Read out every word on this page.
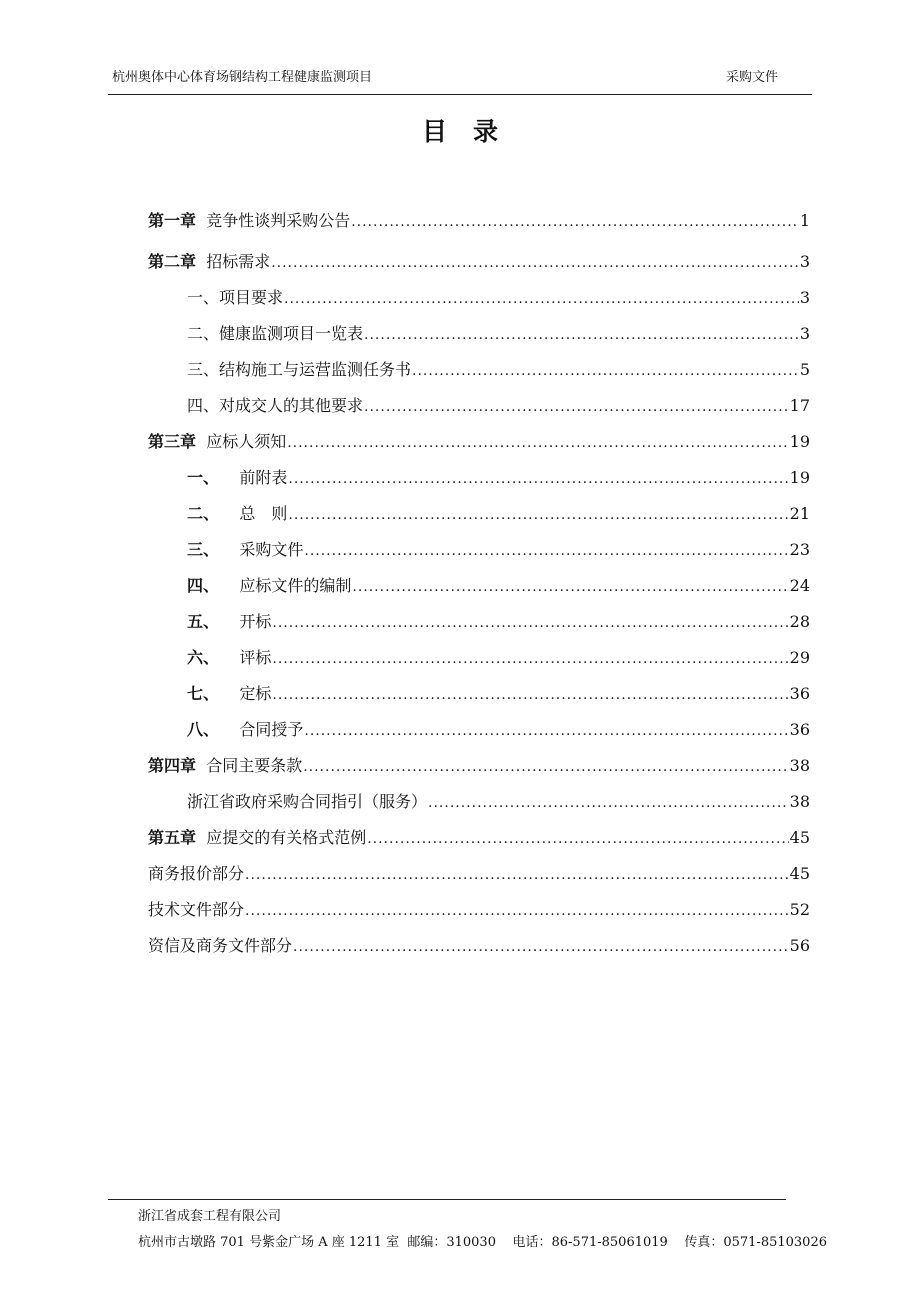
杭州奥体中心体育场钢结构工程健康监测项目	采购文件
目录
第一章 竞争性谈判采购公告 .....	1
第二章 招标需求 .....	3
一、项目要求 .....	3
二、健康监测项目一览表 .....	3
三、结构施工与运营监测任务书 .....	5
四、对成交人的其他要求 .....	17
第三章 应标人须知 .....	19
一、 前附表 .....	19
二、 总　则 .....	21
三、 采购文件 .....	23
四、 应标文件的编制 .....	24
五、 开标 .....	28
六、 评标 .....	29
七、 定标 .....	36
八、 合同授予 .....	36
第四章 合同主要条款 .....	38
浙江省政府采购合同指引（服务） .....	38
第五章 应提交的有关格式范例 .....	45
商务报价部分 .....	45
技术文件部分 .....	52
资信及商务文件部分 .....	56
浙江省成套工程有限公司
杭州市古墩路 701 号紫金广场 A 座 1211 室  邮编：310030    电话：86-571-85061019    传真：0571-85103026
